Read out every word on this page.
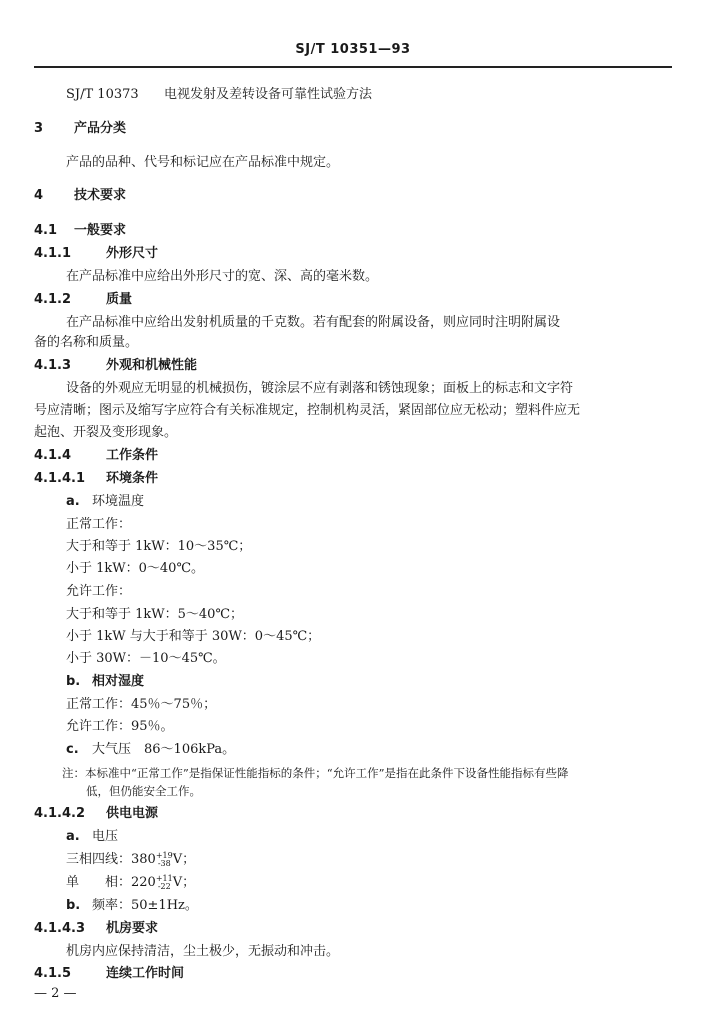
SJ/T 10351—93
SJ/T 10373 电视发射及差转设备可靠性试验方法
3 产品分类
产品的品种、代号和标记应在产品标准中规定。
4 技术要求
4.1 一般要求
4.1.1	外形尺寸
在产品标准中应给出外形尺寸的宽、深、高的毫米数。
4.1.2	质量
在产品标准中应给出发射机质量的千克数。若有配套的附属设备，则应同时注明附属设
备的名称和质量。
4.1.3	外观和机械性能
设备的外观应无明显的机械损伤，镀涂层不应有剥落和锈蚀现象；面板上的标志和文字符
号应清晰；图示及缩写字应符合有关标准规定，控制机构灵活，紧固部位应无松动；塑料件应无
起泡、开裂及变形现象。
4.1.4	工作条件
4.1.4.1 环境条件
a. 环境温度
正常工作：
大于和等于 1kW：10～35℃；
小于 1kW：0～40℃。
允许工作：
大于和等于 1kW：5～40℃；
小于 1kW 与大于和等于 30W：0～45℃；
小于 30W：－10～45℃。
b. 相对湿度
正常工作：45％～75％；
允许工作：95％。
c. 大气压　86～106kPa。
注：本标准中“正常工作”是指保证性能指标的条件；“允许工作”是指在此条件下设备性能指标有些降
低，但仍能安全工作。
4.1.4.2 供电电源
a. 电压
三相四线：380 +19
-38 V；
单　　相：220 +11
-22 V；
b. 频率：50±1Hz。
4.1.4.3 机房要求
机房内应保持清洁，尘土极少，无振动和冲击。
4.1.5	连续工作时间
— 2 —
